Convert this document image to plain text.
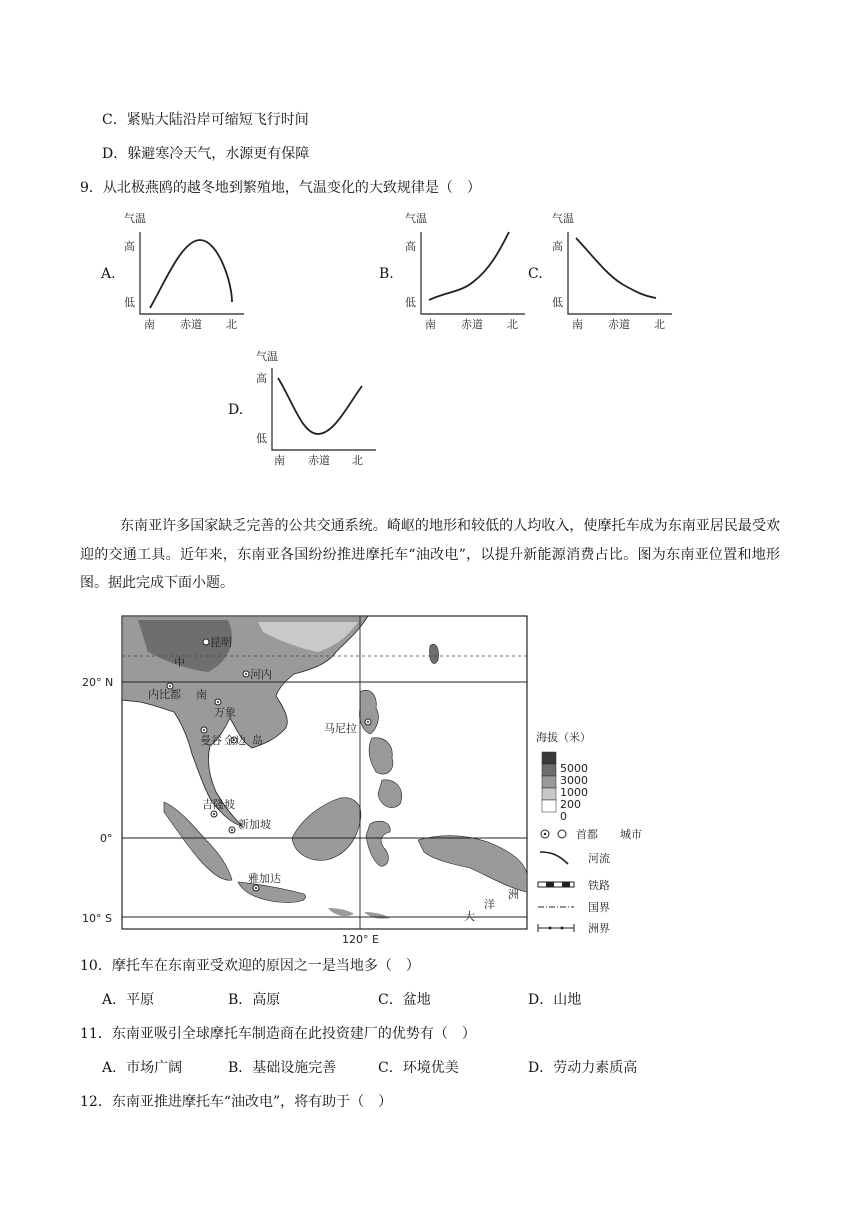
C．紧贴大陆沿岸可缩短飞行时间
D．躲避寒冷天气，水源更有保障
9．从北极燕鸥的越冬地到繁殖地，气温变化的大致规律是（　）
A.
气温
高
低
南 赤道 北
B.
气温
高
低
南 赤道 北
C.
气温
高
低
南 赤道 北
D.
气温
高
低
南 赤道 北
东南亚许多国家缺乏完善的公共交通系统。崎岖的地形和较低的人均收入，使摩托车成为东南亚居民最受欢迎的交通工具。近年来，东南亚各国纷纷推进摩托车“油改电”，以提升新能源消费占比。图为东南亚位置和地形图。据此完成下面小题。
20° N
0°
10° S
120° E
昆明
中
河内
内比都 南
万象
曼谷 金边 岛
马尼拉
吉隆坡
新加坡
雅加达
洋
大
洲
海拔（米）
5000
3000
1000
200
0
首都 城市
河流
铁路
国界
洲界
10．摩托车在东南亚受欢迎的原因之一是当地多（　）
A．平原	B．高原	C．盆地	D．山地
11．东南亚吸引全球摩托车制造商在此投资建厂的优势有（　）
A．市场广阔	B．基础设施完善	C．环境优美	D．劳动力素质高
12．东南亚推进摩托车“油改电”，将有助于（　）
